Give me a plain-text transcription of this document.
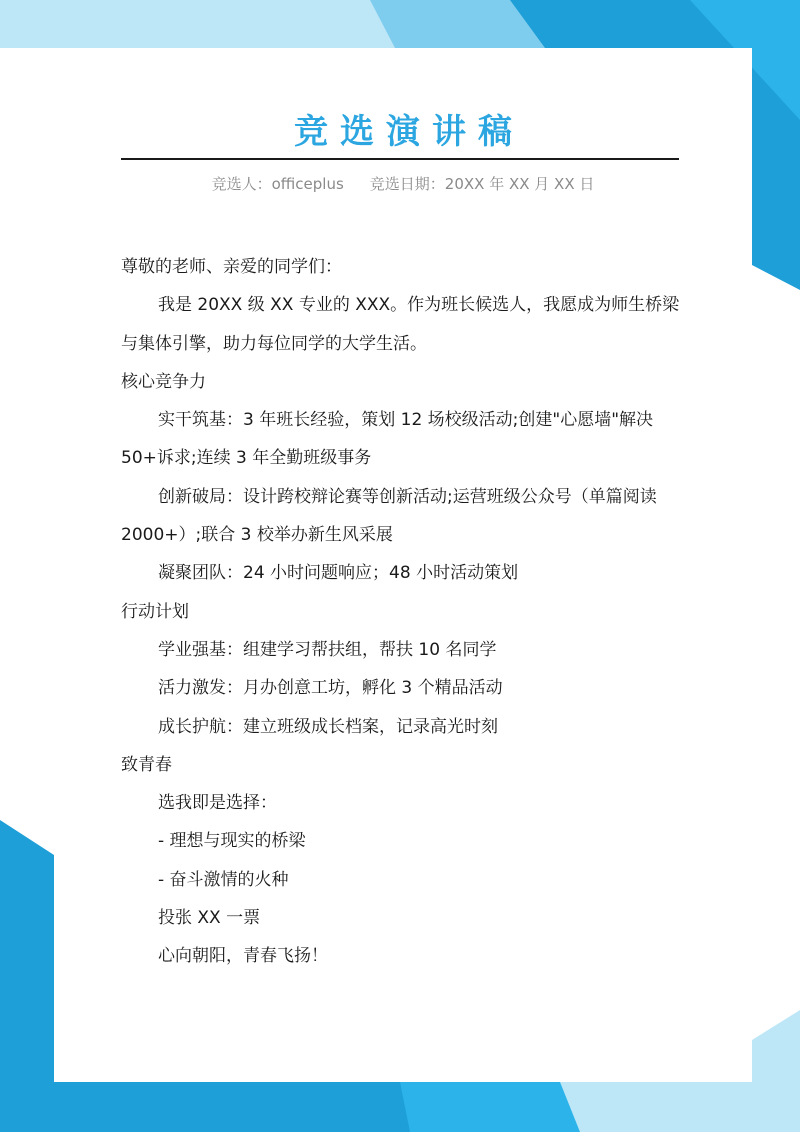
竞选演讲稿
竞选人：officeplus 竞选日期：20XX 年 XX 月 XX 日

尊敬的老师、亲爱的同学们：

我是 20XX 级 XX 专业的 XXX。作为班长候选人，我愿成为师生桥梁与集体引擎，助力每位同学的大学生活。

核心竞争力

实干筑基：3 年班长经验，策划 12 场校级活动;创建"心愿墙"解决 50+诉求;连续 3 年全勤班级事务

创新破局：设计跨校辩论赛等创新活动;运营班级公众号（单篇阅读 2000+）;联合 3 校举办新生风采展

凝聚团队：24 小时问题响应；48 小时活动策划

行动计划

学业强基：组建学习帮扶组，帮扶 10 名同学

活力激发：月办创意工坊，孵化 3 个精品活动

成长护航：建立班级成长档案，记录高光时刻

致青春

选我即是选择：

- 理想与现实的桥梁

- 奋斗激情的火种

投张 XX 一票

心向朝阳，青春飞扬！
